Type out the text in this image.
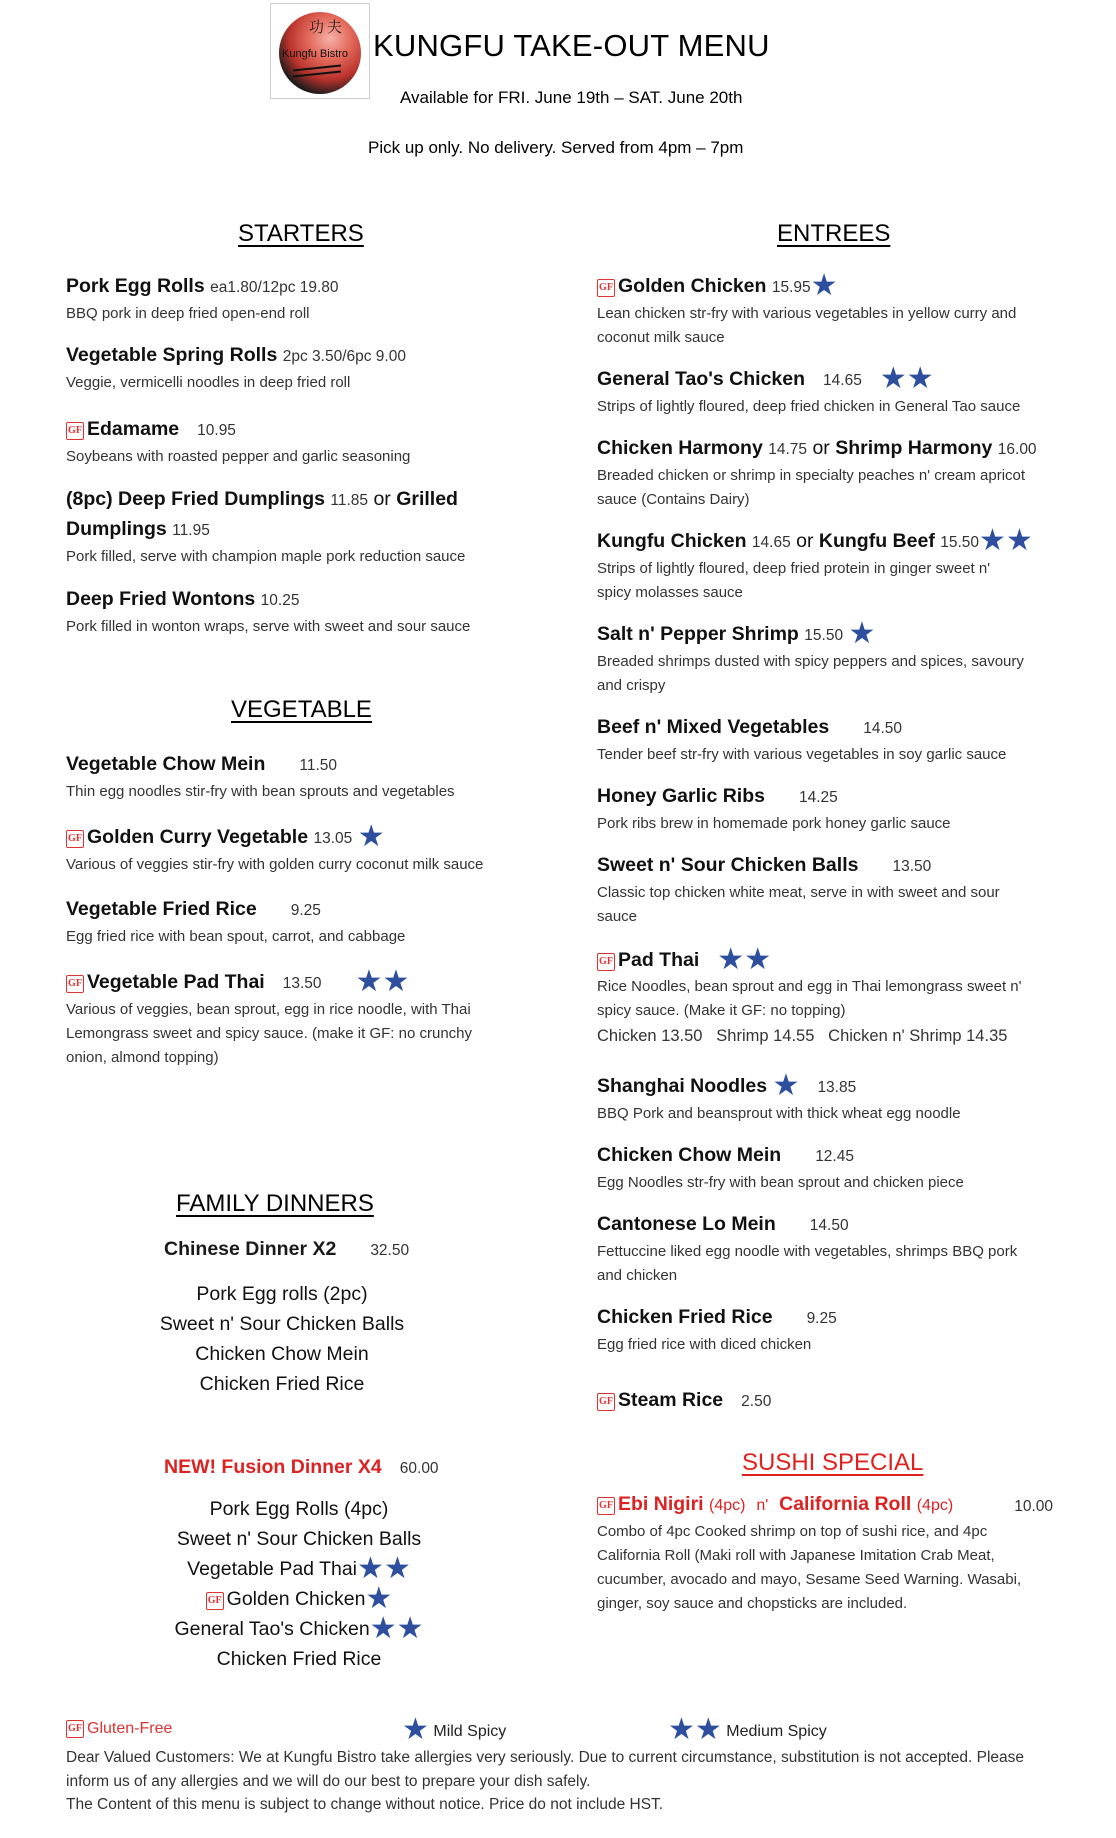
功夫
Kungfu Bistro KUNGFU TAKE-OUT MENU
Available for FRI. June 19th – SAT. June 20th
Pick up only. No delivery. Served from 4pm – 7pm
STARTERS
Pork Egg Rolls ea1.80/12pc 19.80
BBQ pork in deep fried open-end roll
Vegetable Spring Rolls 2pc 3.50/6pc 9.00
Veggie, vermicelli noodles in deep fried roll
GF Edamame 10.95
Soybeans with roasted pepper and garlic seasoning
(8pc) Deep Fried Dumplings 11.85 or Grilled
Dumplings 11.95
Pork filled, serve with champion maple pork reduction sauce
Deep Fried Wontons 10.25
Pork filled in wonton wraps, serve with sweet and sour sauce
VEGETABLE
Vegetable Chow Mein 11.50
Thin egg noodles stir-fry with bean sprouts and vegetables
GF Golden Curry Vegetable 13.05 ★
Various of veggies stir-fry with golden curry coconut milk sauce
Vegetable Fried Rice 9.25
Egg fried rice with bean spout, carrot, and cabbage
GF Vegetable Pad Thai 13.50 ★★
Various of veggies, bean sprout, egg in rice noodle, with Thai
Lemongrass sweet and spicy sauce. (make it GF: no crunchy
onion, almond topping)
FAMILY DINNERS
Chinese Dinner X2 32.50
Pork Egg rolls (2pc)
Sweet n' Sour Chicken Balls
Chicken Chow Mein
Chicken Fried Rice
NEW! Fusion Dinner X4 60.00
Pork Egg Rolls (4pc)
Sweet n' Sour Chicken Balls
Vegetable Pad Thai★★
GF Golden Chicken★
General Tao's Chicken★★
Chicken Fried Rice
ENTREES
GF Golden Chicken 15.95★
Lean chicken str-fry with various vegetables in yellow curry and
coconut milk sauce
General Tao's Chicken 14.65 ★★
Strips of lightly floured, deep fried chicken in General Tao sauce
Chicken Harmony 14.75 or Shrimp Harmony 16.00
Breaded chicken or shrimp in specialty peaches n' cream apricot
sauce (Contains Dairy)
Kungfu Chicken 14.65 or Kungfu Beef 15.50★★
Strips of lightly floured, deep fried protein in ginger sweet n'
spicy molasses sauce
Salt n' Pepper Shrimp 15.50 ★
Breaded shrimps dusted with spicy peppers and spices, savoury
and crispy
Beef n' Mixed Vegetables 14.50
Tender beef str-fry with various vegetables in soy garlic sauce
Honey Garlic Ribs 14.25
Pork ribs brew in homemade pork honey garlic sauce
Sweet n' Sour Chicken Balls 13.50
Classic top chicken white meat, serve in with sweet and sour
sauce
GF Pad Thai ★★
Rice Noodles, bean sprout and egg in Thai lemongrass sweet n'
spicy sauce. (Make it GF: no topping)
Chicken 13.50 Shrimp 14.55 Chicken n' Shrimp 14.35
Shanghai Noodles ★ 13.85
BBQ Pork and beansprout with thick wheat egg noodle
Chicken Chow Mein 12.45
Egg Noodles str-fry with bean sprout and chicken piece
Cantonese Lo Mein 14.50
Fettuccine liked egg noodle with vegetables, shrimps BBQ pork
and chicken
Chicken Fried Rice 9.25
Egg fried rice with diced chicken
GF Steam Rice 2.50
SUSHI SPECIAL
GF Ebi Nigiri (4pc) n' California Roll (4pc)	10.00
Combo of 4pc Cooked shrimp on top of sushi rice, and 4pc
California Roll (Maki roll with Japanese Imitation Crab Meat,
cucumber, avocado and mayo, Sesame Seed Warning. Wasabi,
ginger, soy sauce and chopsticks are included.
GF Gluten-Free	★ Mild Spicy	★★ Medium Spicy
Dear Valued Customers: We at Kungfu Bistro take allergies very seriously. Due to current circumstance, substitution is not accepted. Please
inform us of any allergies and we will do our best to prepare your dish safely.
The Content of this menu is subject to change without notice. Price do not include HST.
